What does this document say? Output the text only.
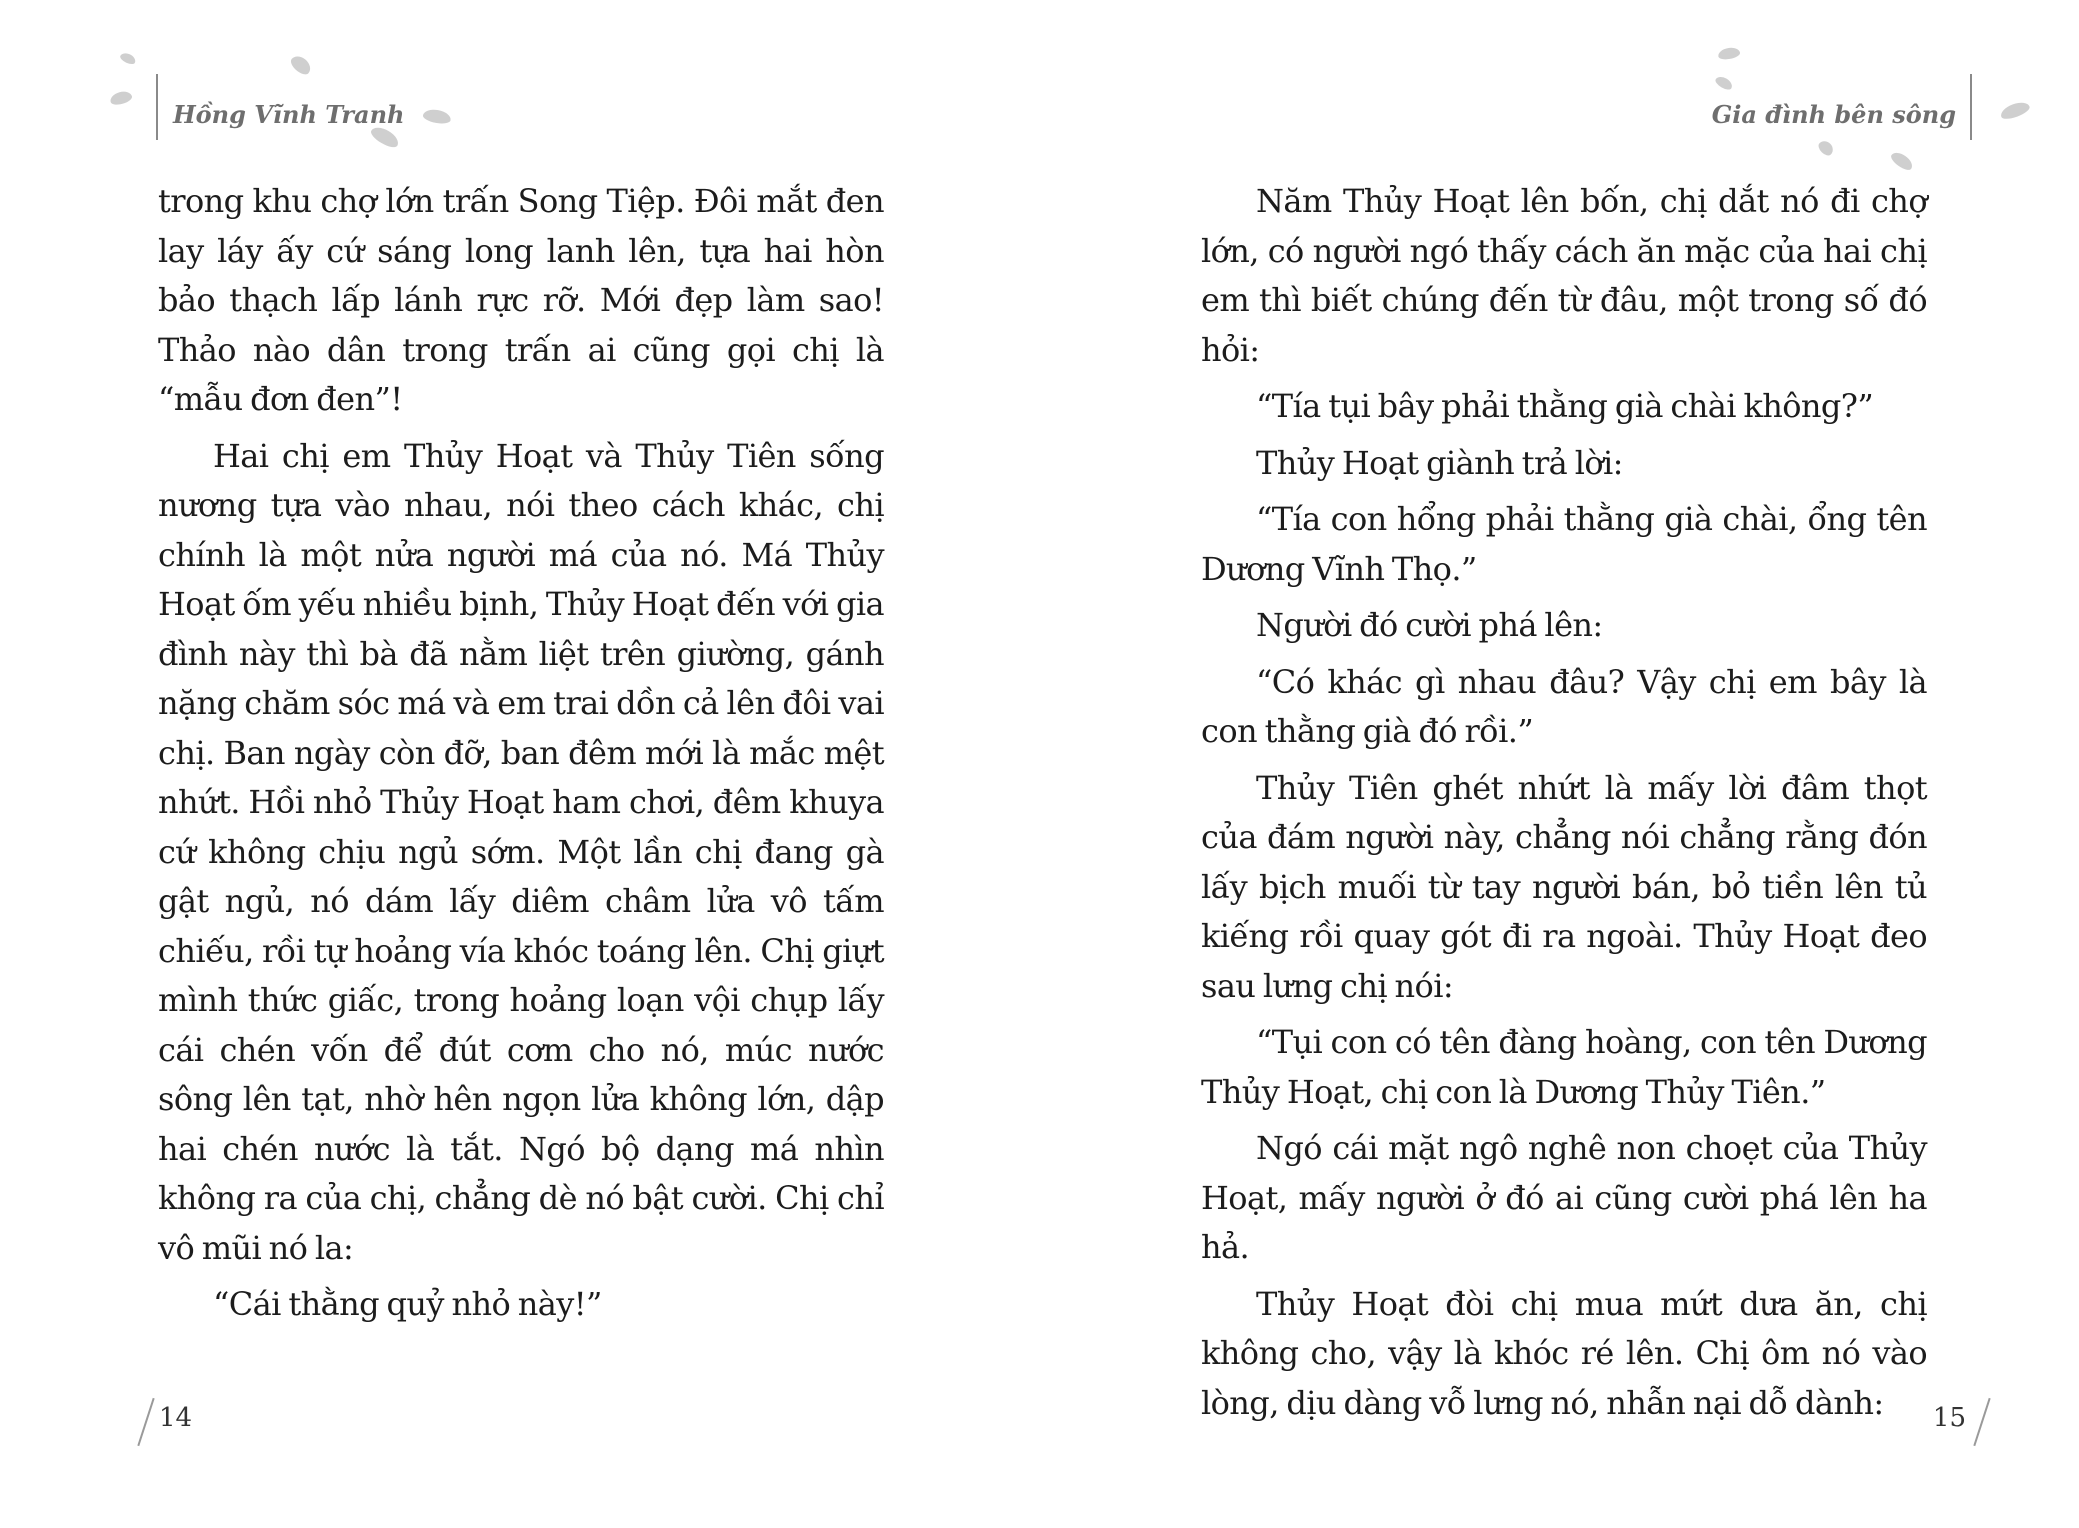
Hồng Vĩnh Tranh

trong khu chợ lớn trấn Song Tiệp. Đôi mắt đen lay láy ấy cứ sáng long lanh lên, tựa hai hòn bảo thạch lấp lánh rực rỡ. Mới đẹp làm sao! Thảo nào dân trong trấn ai cũng gọi chị là “mẫu đơn đen”!

Hai chị em Thủy Hoạt và Thủy Tiên sống nương tựa vào nhau, nói theo cách khác, chị chính là một nửa người má của nó. Má Thủy Hoạt ốm yếu nhiều bịnh, Thủy Hoạt đến với gia đình này thì bà đã nằm liệt trên giường, gánh nặng chăm sóc má và em trai dồn cả lên đôi vai chị. Ban ngày còn đỡ, ban đêm mới là mắc mệt nhứt. Hồi nhỏ Thủy Hoạt ham chơi, đêm khuya cứ không chịu ngủ sớm. Một lần chị đang gà gật ngủ, nó dám lấy diêm châm lửa vô tấm chiếu, rồi tự hoảng vía khóc toáng lên. Chị giựt mình thức giấc, trong hoảng loạn vội chụp lấy cái chén vốn để đút cơm cho nó, múc nước sông lên tạt, nhờ hên ngọn lửa không lớn, dập hai chén nước là tắt. Ngó bộ dạng má nhìn không ra của chị, chẳng dè nó bật cười. Chị chỉ vô mũi nó la:

“Cái thằng quỷ nhỏ này!”

14
Gia đình bên sông

Năm Thủy Hoạt lên bốn, chị dắt nó đi chợ lớn, có người ngó thấy cách ăn mặc của hai chị em thì biết chúng đến từ đâu, một trong số đó hỏi:

“Tía tụi bây phải thằng già chài không?”

Thủy Hoạt giành trả lời:

“Tía con hổng phải thằng già chài, ổng tên Dương Vĩnh Thọ.”

Người đó cười phá lên:

“Có khác gì nhau đâu? Vậy chị em bây là con thằng già đó rồi.”

Thủy Tiên ghét nhứt là mấy lời đâm thọt của đám người này, chẳng nói chẳng rằng đón lấy bịch muối từ tay người bán, bỏ tiền lên tủ kiếng rồi quay gót đi ra ngoài. Thủy Hoạt đeo sau lưng chị nói:

“Tụi con có tên đàng hoàng, con tên Dương Thủy Hoạt, chị con là Dương Thủy Tiên.”

Ngó cái mặt ngô nghê non choẹt của Thủy Hoạt, mấy người ở đó ai cũng cười phá lên ha hả.

Thủy Hoạt đòi chị mua mứt dưa ăn, chị không cho, vậy là khóc ré lên. Chị ôm nó vào lòng, dịu dàng vỗ lưng nó, nhẫn nại dỗ dành:	15
